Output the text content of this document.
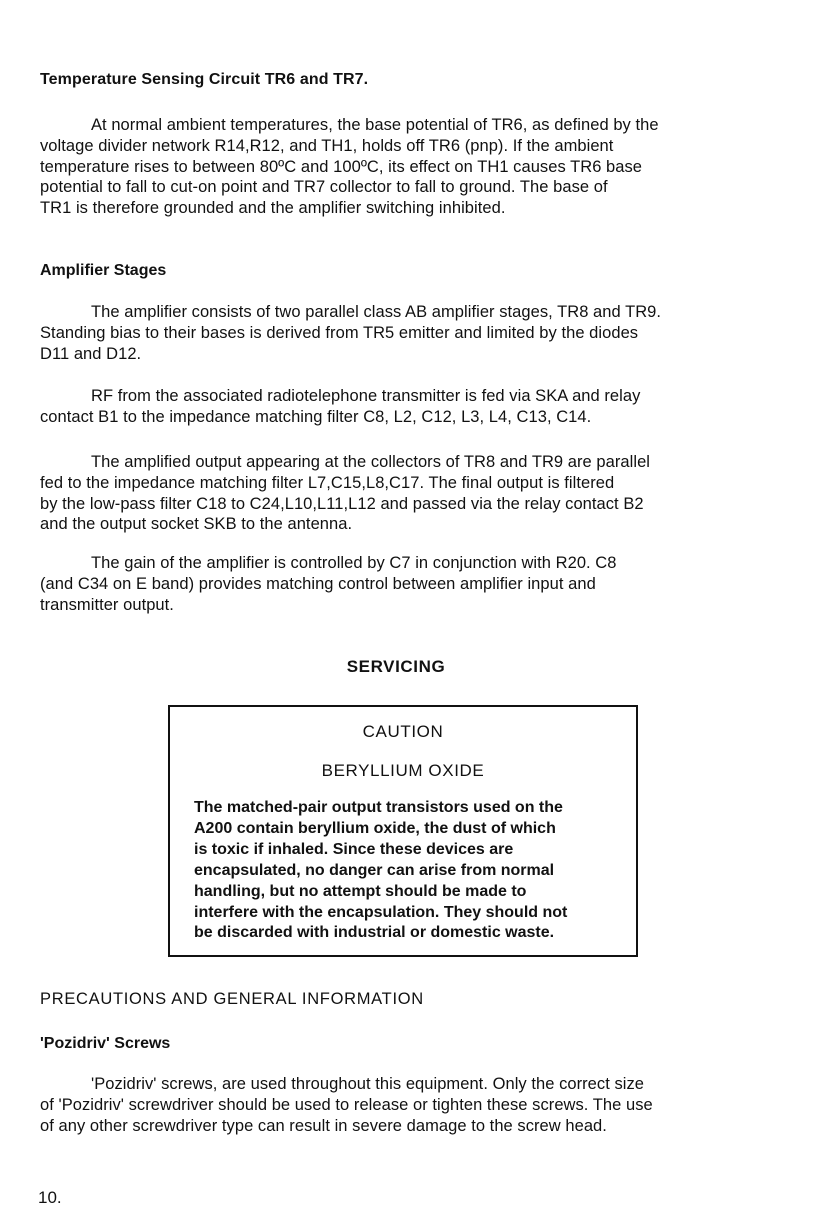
Temperature Sensing Circuit TR6 and TR7.
At normal ambient temperatures, the base potential of TR6, as defined by the
voltage divider network R14,R12, and TH1, holds off TR6 (pnp). If the ambient
temperature rises to between 80ºC and 100ºC, its effect on TH1 causes TR6 base
potential to fall to cut-on point and TR7 collector to fall to ground. The base of
TR1 is therefore grounded and the amplifier switching inhibited.
Amplifier Stages
The amplifier consists of two parallel class AB amplifier stages, TR8 and TR9.
Standing bias to their bases is derived from TR5 emitter and limited by the diodes
D11 and D12.
RF from the associated radiotelephone transmitter is fed via SKA and relay
contact B1 to the impedance matching filter C8, L2, C12, L3, L4, C13, C14.
The amplified output appearing at the collectors of TR8 and TR9 are parallel
fed to the impedance matching filter L7,C15,L8,C17. The final output is filtered
by the low-pass filter C18 to C24,L10,L11,L12 and passed via the relay contact B2
and the output socket SKB to the antenna.
The gain of the amplifier is controlled by C7 in conjunction with R20. C8
(and C34 on E band) provides matching control between amplifier input and
transmitter output.
SERVICING
CAUTION
BERYLLIUM OXIDE
The matched-pair output transistors used on the
A200 contain beryllium oxide, the dust of which
is toxic if inhaled. Since these devices are
encapsulated, no danger can arise from normal
handling, but no attempt should be made to
interfere with the encapsulation. They should not
be discarded with industrial or domestic waste.
PRECAUTIONS AND GENERAL INFORMATION
'Pozidriv' Screws
'Pozidriv' screws, are used throughout this equipment. Only the correct size
of 'Pozidriv' screwdriver should be used to release or tighten these screws. The use
of any other screwdriver type can result in severe damage to the screw head.
10.
